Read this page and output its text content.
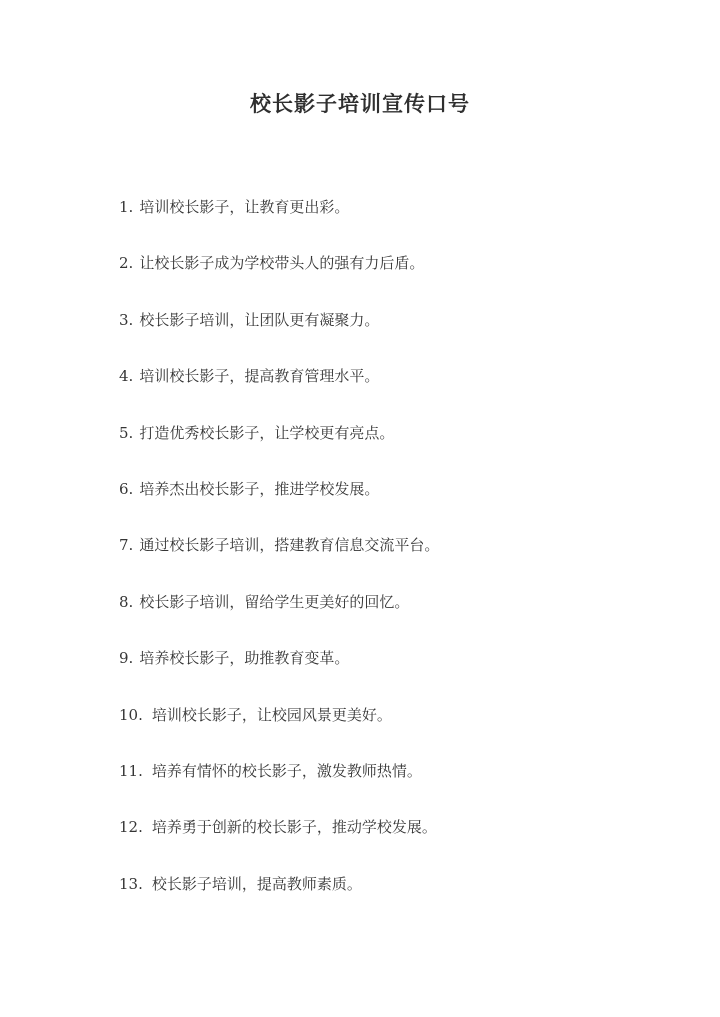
校长影子培训宣传口号
1. 培训校长影子，让教育更出彩。
2. 让校长影子成为学校带头人的强有力后盾。
3. 校长影子培训，让团队更有凝聚力。
4. 培训校长影子，提高教育管理水平。
5. 打造优秀校长影子，让学校更有亮点。
6. 培养杰出校长影子，推进学校发展。
7. 通过校长影子培训，搭建教育信息交流平台。
8. 校长影子培训，留给学生更美好的回忆。
9. 培养校长影子，助推教育变革。
10. 培训校长影子，让校园风景更美好。
11. 培养有情怀的校长影子，激发教师热情。
12. 培养勇于创新的校长影子，推动学校发展。
13. 校长影子培训，提高教师素质。
